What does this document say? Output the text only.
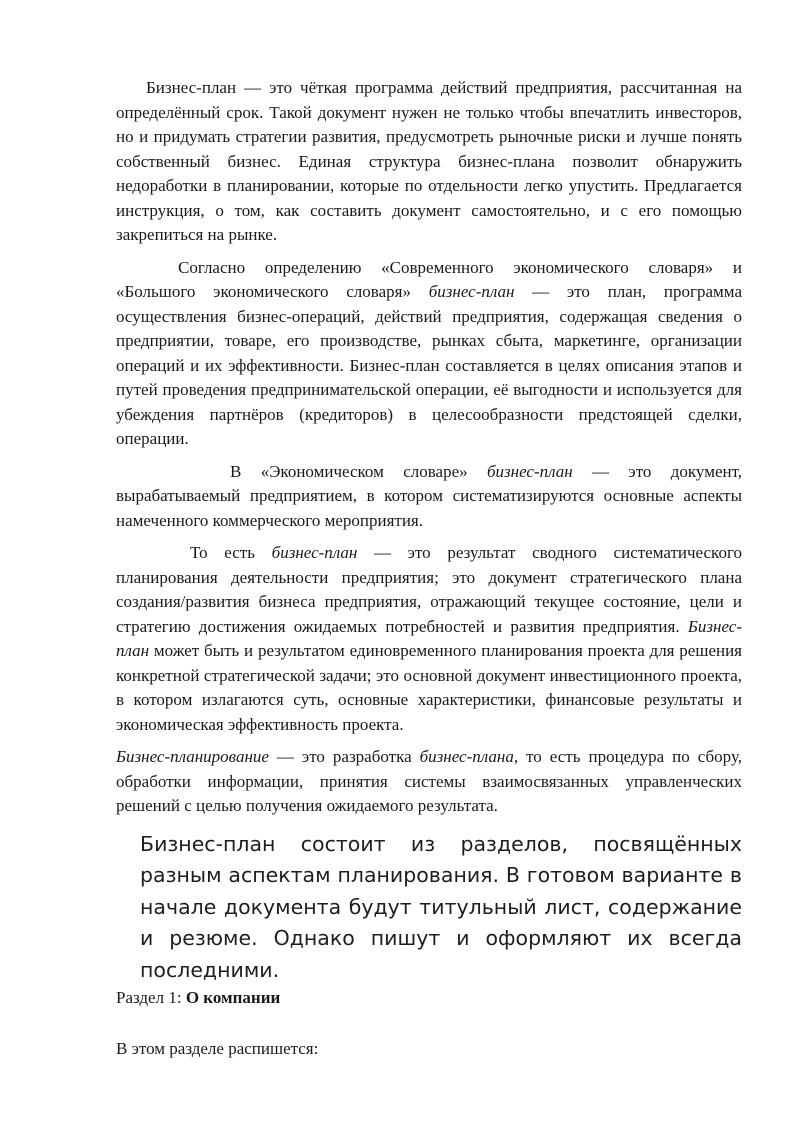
Бизнес-план — это чёткая программа действий предприятия, рассчитанная на определённый срок. Такой документ нужен не только чтобы впечатлить инвесторов, но и придумать стратегии развития, предусмотреть рыночные риски и лучше понять собственный бизнес. Единая структура бизнес-плана позволит обнаружить недоработки в планировании, которые по отдельности легко упустить. Предлагается инструкция, о том, как составить документ самостоятельно, и с его помощью закрепиться на рынке.

Согласно определению «Современного экономического словаря» и «Большого экономического словаря» бизнес-план — это план, программа осуществления бизнес-операций, действий предприятия, содержащая сведения о предприятии, товаре, его производстве, рынках сбыта, маркетинге, организации операций и их эффективности. Бизнес-план составляется в целях описания этапов и путей проведения предпринимательской операции, её выгодности и используется для убеждения партнёров (кредиторов) в целесообразности предстоящей сделки, операции.

В «Экономическом словаре» бизнес-план — это документ, вырабатываемый предприятием, в котором систематизируются основные аспекты намеченного коммерческого мероприятия.

То есть бизнес-план — это результат сводного систематического планирования деятельности предприятия; это документ стратегического плана создания/развития бизнеса предприятия, отражающий текущее состояние, цели и стратегию достижения ожидаемых потребностей и развития предприятия. Бизнес-план может быть и результатом единовременного планирования проекта для решения конкретной стратегической задачи; это основной документ инвестиционного проекта, в котором излагаются суть, основные характеристики, финансовые результаты и экономическая эффективность проекта.

Бизнес-планирование — это разработка бизнес-плана, то есть процедура по сбору, обработки информации, принятия системы взаимосвязанных управленческих решений с целью получения ожидаемого результата.

Бизнес-план состоит из разделов, посвящённых разным аспектам планирования. В готовом варианте в начале документа будут титульный лист, содержание и резюме. Однако пишут и оформляют их всегда последними.

Раздел 1: О компании

В этом разделе распишется:
